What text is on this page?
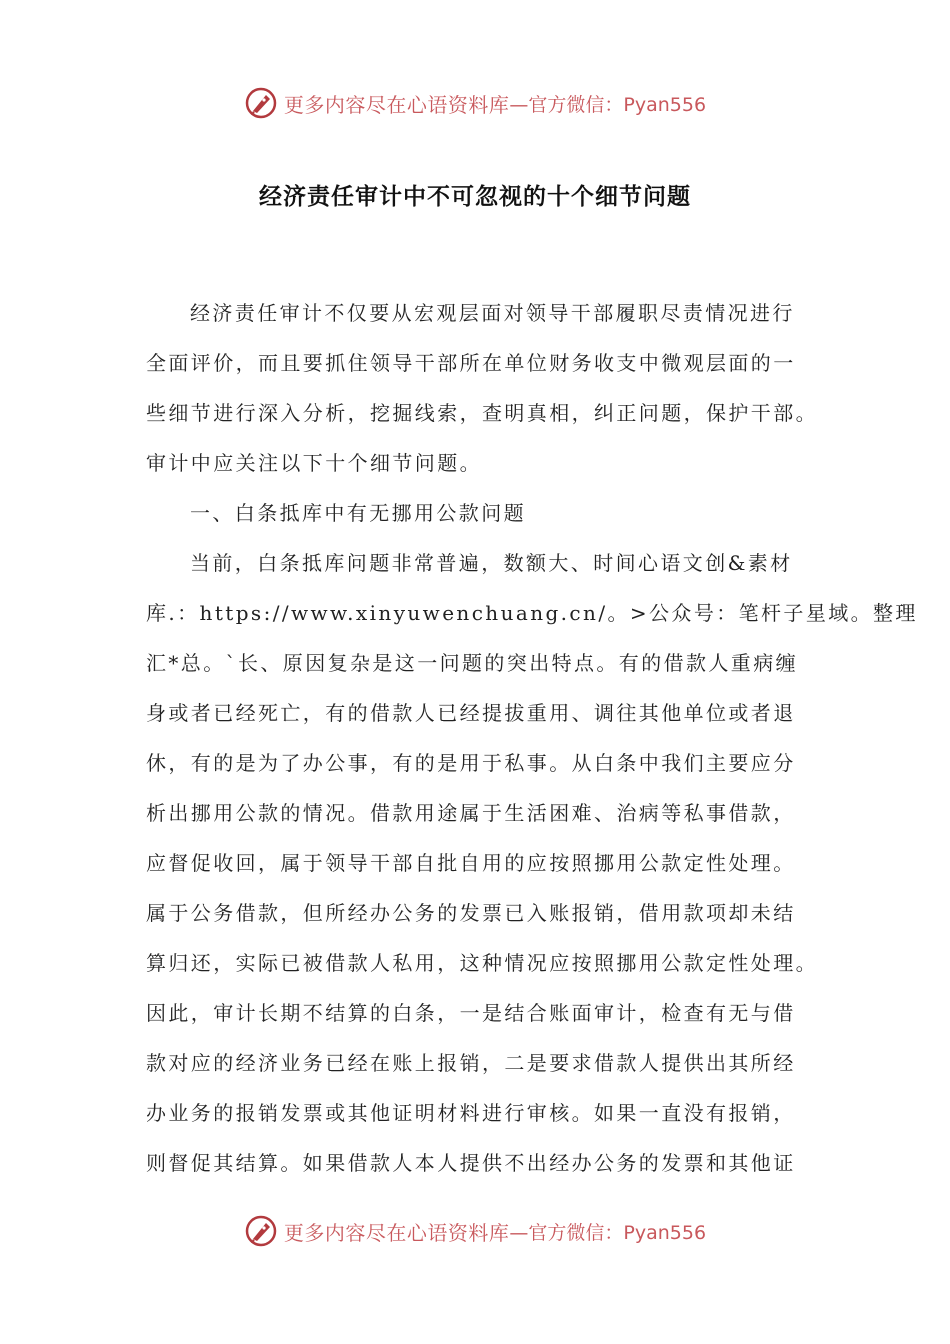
更多内容尽在心语资料库 —官方微信：Pyan556
经济责任审计中不可忽视的十个细节问题
经济责任审计不仅要从宏观层面对领导干部履职尽责情况进行
全面评价，而且要抓住领导干部所在单位财务收支中微观层面的一
些细节进行深入分析，挖掘线索，查明真相，纠正问题，保护干部。
审计中应关注以下十个细节问题。
一、白条抵库中有无挪用公款问题
当前，白条抵库问题非常普遍，数额大、时间心语文创&素材
库.：https://www.xinyuwenchuang.cn/。>公众号：笔杆子星域。整理
汇*总。`长、原因复杂是这一问题的突出特点。有的借款人重病缠
身或者已经死亡，有的借款人已经提拔重用、调往其他单位或者退
休，有的是为了办公事，有的是用于私事。从白条中我们主要应分
析出挪用公款的情况。借款用途属于生活困难、治病等私事借款，
应督促收回，属于领导干部自批自用的应按照挪用公款定性处理。
属于公务借款，但所经办公务的发票已入账报销，借用款项却未结
算归还，实际已被借款人私用，这种情况应按照挪用公款定性处理。
因此，审计长期不结算的白条，一是结合账面审计，检查有无与借
款对应的经济业务已经在账上报销，二是要求借款人提供出其所经
办业务的报销发票或其他证明材料进行审核。如果一直没有报销，
则督促其结算。如果借款人本人提供不出经办公务的发票和其他证
更多内容尽在心语资料库 —官方微信：Pyan556
